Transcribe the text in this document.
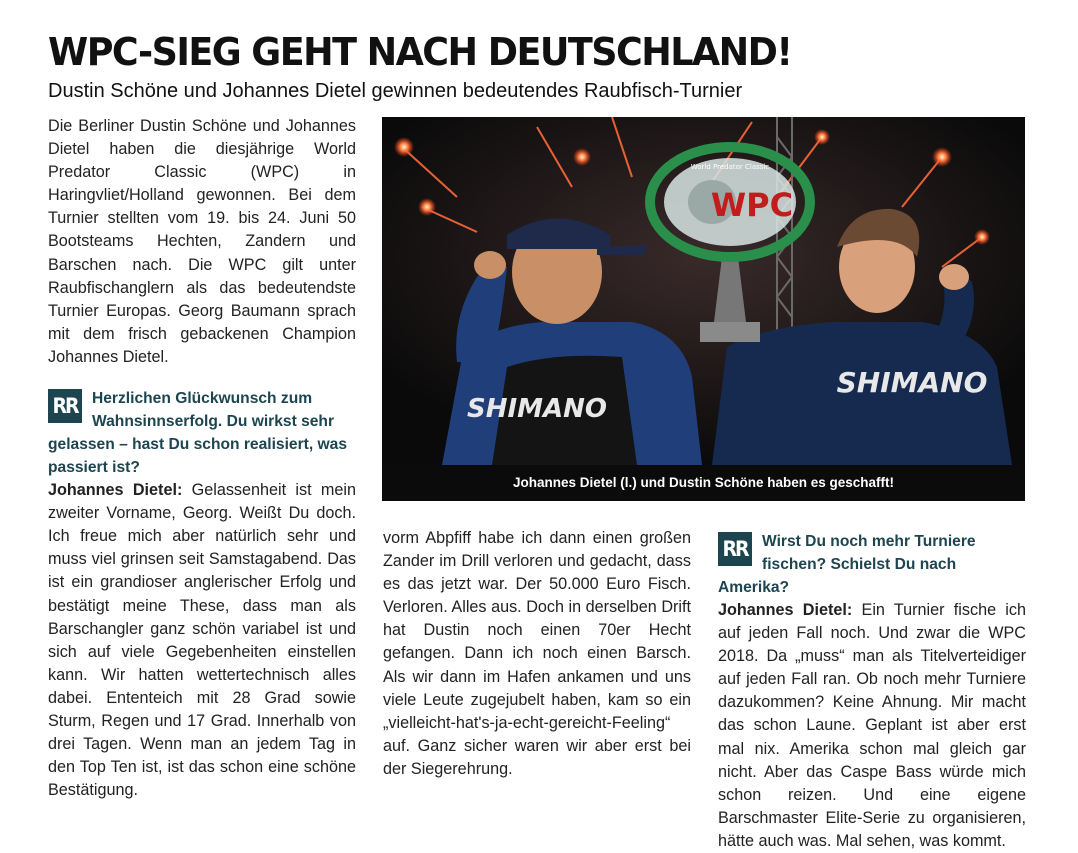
WPC-SIEG GEHT NACH DEUTSCHLAND!
Dustin Schöne und Johannes Dietel gewinnen bedeutendes Raubfisch-Turnier

Die Berliner Dustin Schöne und Johannes Dietel haben die diesjährige World Predator Classic (WPC) in Haringvliet/Holland gewonnen. Bei dem Turnier stellten vom 19. bis 24. Juni 50 Bootsteams Hechten, Zandern und Barschen nach. Die WPC gilt unter Raubfischanglern als das bedeutendste Turnier Europas. Georg Baumann sprach mit dem frisch gebackenen Champion Johannes Dietel.

RR Herzlichen Glückwunsch zum Wahnsinnserfolg. Du wirkst sehr gelassen – hast Du schon realisiert, was passiert ist?

Johannes Dietel: Gelassenheit ist mein zweiter Vorname, Georg. Weißt Du doch. Ich freue mich aber natürlich sehr und muss viel grinsen seit Samstagabend. Das ist ein grandioser anglerischer Erfolg und bestätigt meine These, dass man als Barschangler ganz schön variabel ist und sich auf viele Gegebenheiten einstellen kann. Wir hatten wettertechnisch alles dabei. Ententeich mit 28 Grad sowie Sturm, Regen und 17 Grad. Innerhalb von drei Tagen. Wenn man an jedem Tag in den Top Ten ist, ist das schon eine schöne Bestätigung.

WPC
World Predator Classic
SHIMANO
SHIMANO
Johannes Dietel (l.) und Dustin Schöne haben es geschafft!

vorm Abpfiff habe ich dann einen großen Zander im Drill verloren und gedacht, dass es das jetzt war. Der 50.000 Euro Fisch. Verloren. Alles aus. Doch in derselben Drift hat Dustin noch einen 70er Hecht gefangen. Dann ich noch einen Barsch. Als wir dann im Hafen ankamen und uns viele Leute zugejubelt haben, kam so ein „vielleicht-hat's-ja-echt-gereicht-Feeling“ auf. Ganz sicher waren wir aber erst bei der Siegerehrung.

RR Wirst Du noch mehr Turniere fischen? Schielst Du nach Amerika?

Johannes Dietel: Ein Turnier fische ich auf jeden Fall noch. Und zwar die WPC 2018. Da „muss“ man als Titelverteidiger auf jeden Fall ran. Ob noch mehr Turniere dazukommen? Keine Ahnung. Mir macht das schon Laune. Geplant ist aber erst mal nix. Amerika schon mal gleich gar nicht. Aber das Caspe Bass würde mich schon reizen. Und eine eigene Barschmaster Elite-Serie zu organisieren, hätte auch was. Mal sehen, was kommt.
